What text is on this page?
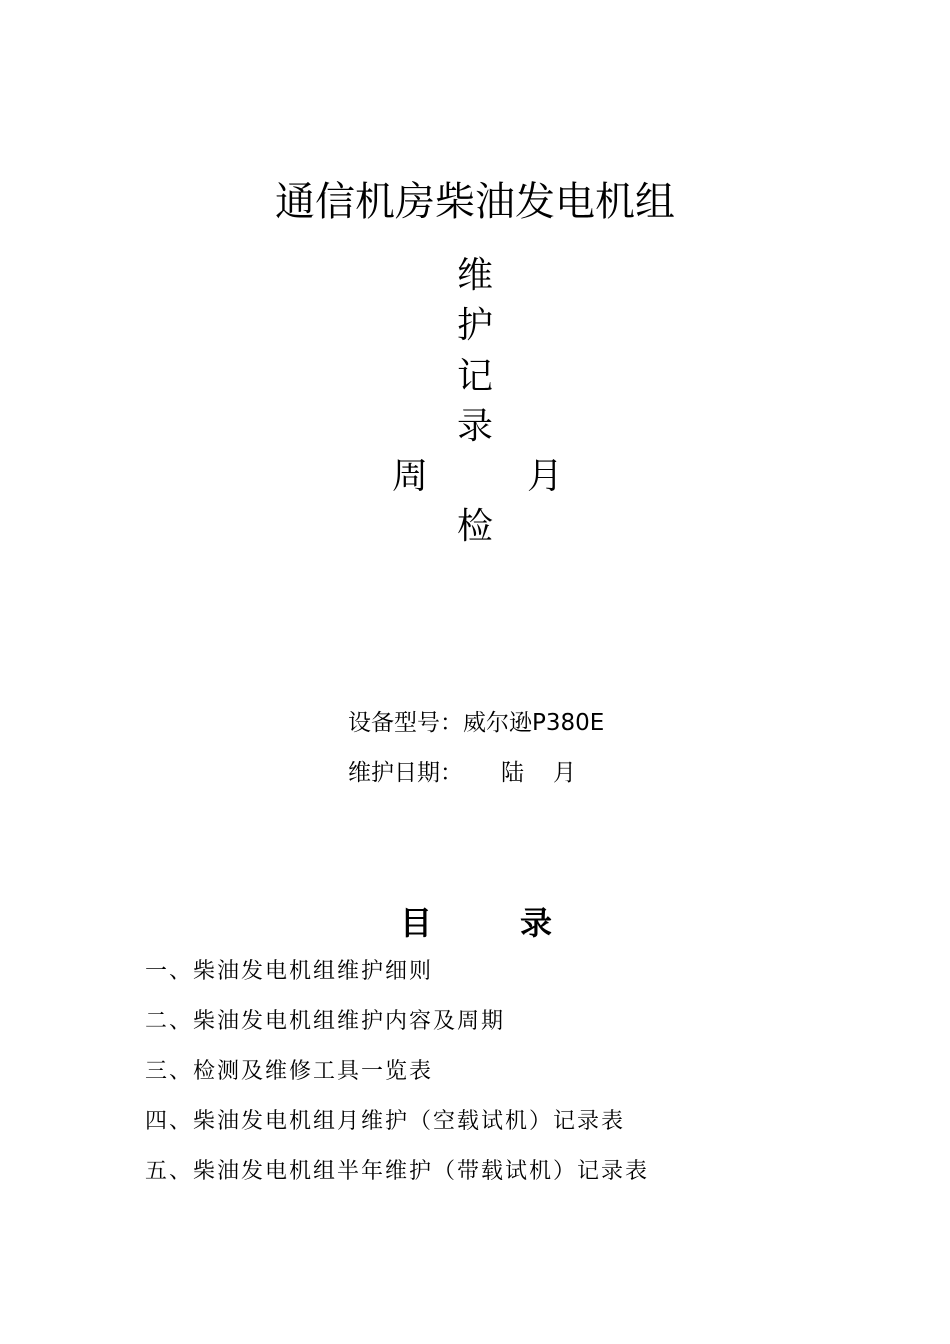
通信机房柴油发电机组
维
护
记
录
周	月
检
设备型号：威尔逊P380E
维护日期： 陆 月
目	录
一、柴油发电机组维护细则
二、柴油发电机组维护内容及周期
三、检测及维修工具一览表
四、柴油发电机组月维护（空载试机）记录表
五、柴油发电机组半年维护（带载试机）记录表
